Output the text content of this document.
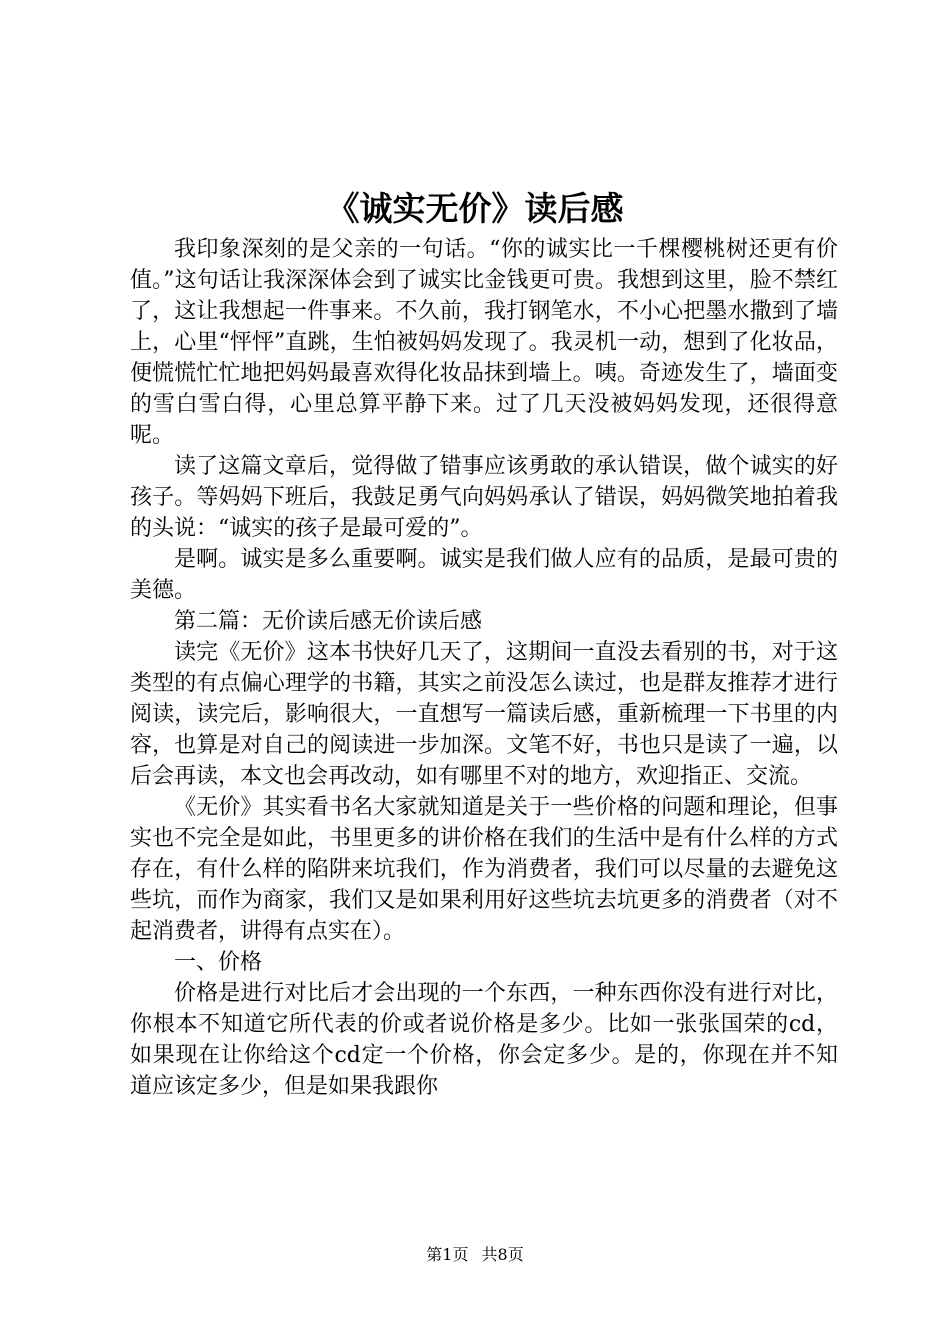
《诚实无价》读后感

我印象深刻的是父亲的一句话。“你的诚实比一千棵樱桃树还更有价值。”这句话让我深深体会到了诚实比金钱更可贵。我想到这里，脸不禁红了，这让我想起一件事来。不久前，我打钢笔水，不小心把墨水撒到了墙上，心里“怦怦”直跳，生怕被妈妈发现了。我灵机一动，想到了化妆品，便慌慌忙忙地把妈妈最喜欢得化妆品抹到墙上。咦。奇迹发生了，墙面变的雪白雪白得，心里总算平静下来。过了几天没被妈妈发现，还很得意呢。

读了这篇文章后，觉得做了错事应该勇敢的承认错误，做个诚实的好孩子。等妈妈下班后，我鼓足勇气向妈妈承认了错误，妈妈微笑地拍着我的头说：“诚实的孩子是最可爱的”。

是啊。诚实是多么重要啊。诚实是我们做人应有的品质，是最可贵的美德。

第二篇：无价读后感无价读后感

读完《无价》这本书快好几天了，这期间一直没去看别的书，对于这类型的有点偏心理学的书籍，其实之前没怎么读过，也是群友推荐才进行阅读，读完后，影响很大，一直想写一篇读后感，重新梳理一下书里的内容，也算是对自己的阅读进一步加深。文笔不好，书也只是读了一遍，以后会再读，本文也会再改动，如有哪里不对的地方，欢迎指正、交流。

《无价》其实看书名大家就知道是关于一些价格的问题和理论，但事实也不完全是如此，书里更多的讲价格在我们的生活中是有什么样的方式存在，有什么样的陷阱来坑我们，作为消费者，我们可以尽量的去避免这些坑，而作为商家，我们又是如果利用好这些坑去坑更多的消费者（对不起消费者，讲得有点实在）。

一、价格

价格是进行对比后才会出现的一个东西，一种东西你没有进行对比，你根本不知道它所代表的价或者说价格是多少。比如一张张国荣的cd，如果现在让你给这个cd定一个价格，你会定多少。是的，你现在并不知道应该定多少，但是如果我跟你

第1页 共8页
